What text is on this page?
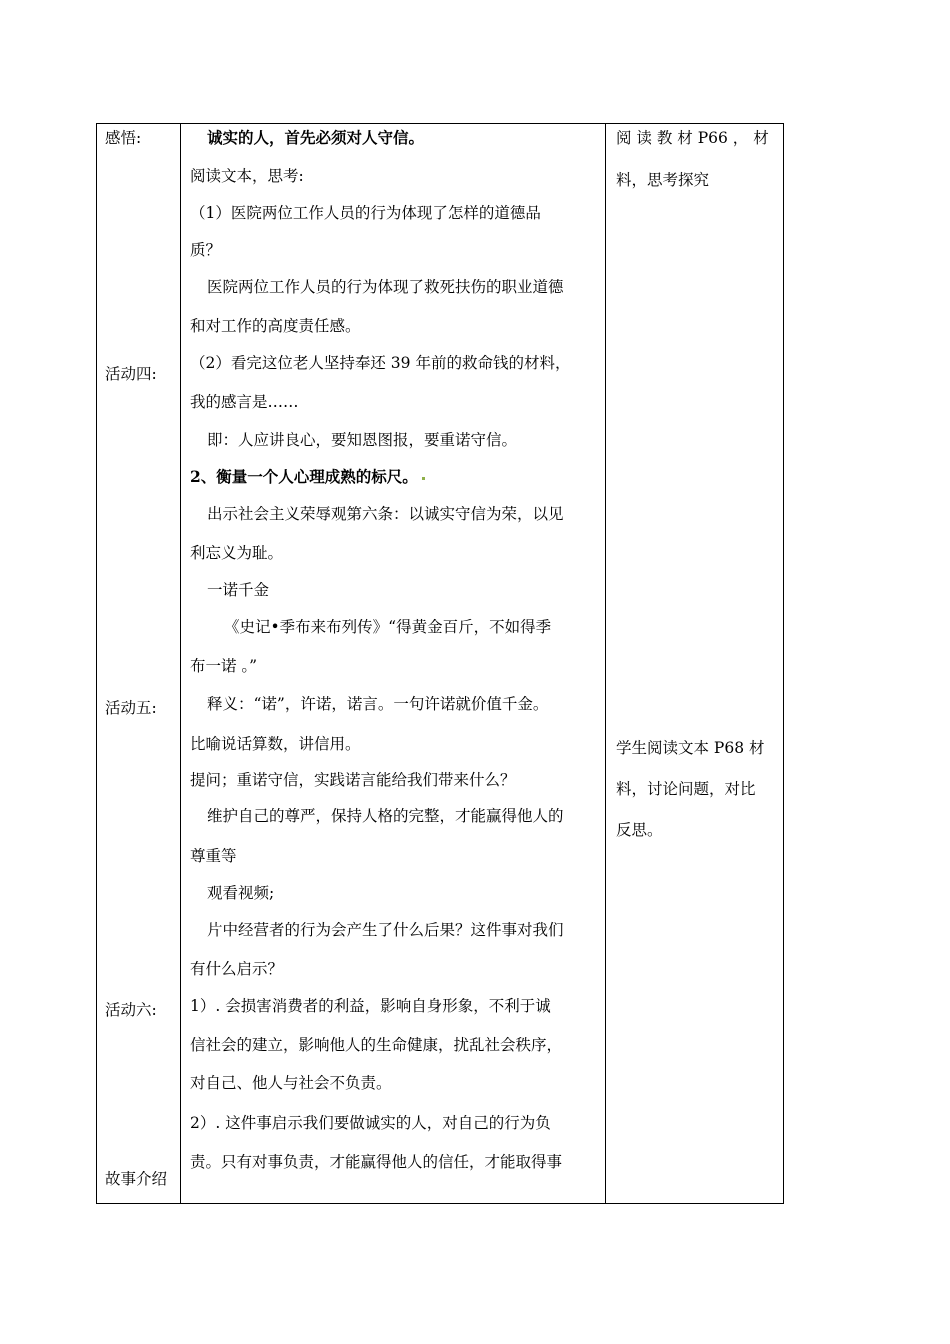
感悟:
活动四:
活动五:
活动六:
故事介绍
诚实的人，首先必须对人守信。
阅读文本，思考:
（1）医院两位工作人员的行为体现了怎样的道德品
质？
医院两位工作人员的行为体现了救死扶伤的职业道德
和对工作的高度责任感。
（2）看完这位老人坚持奉还 39 年前的救命钱的材料，
我的感言是……
即：人应讲良心，要知恩图报，要重诺守信。
2、衡量一个人心理成熟的标尺。
出示社会主义荣辱观第六条：以诚实守信为荣，以见
利忘义为耻。
一诺千金
《史记•季布来布列传》“得黄金百斤，不如得季
布一诺 。”
释义：“诺”，许诺，诺言。一句许诺就价值千金。
比喻说话算数，讲信用。
提问；重诺守信，实践诺言能给我们带来什么？
维护自己的尊严，保持人格的完整，才能赢得他人的
尊重等
观看视频;
片中经营者的行为会产生了什么后果？这件事对我们
有什么启示？
1）. 会损害消费者的利益，影响自身形象，不利于诚
信社会的建立，影响他人的生命健康，扰乱社会秩序，
对自己、他人与社会不负责。
2）. 这件事启示我们要做诚实的人，对自己的行为负
责。只有对事负责，才能赢得他人的信任，才能取得事
阅 读 教 材 P66 ， 材
料，思考探究
学生阅读文本 P68 材
料，讨论问题，对比
反思。
